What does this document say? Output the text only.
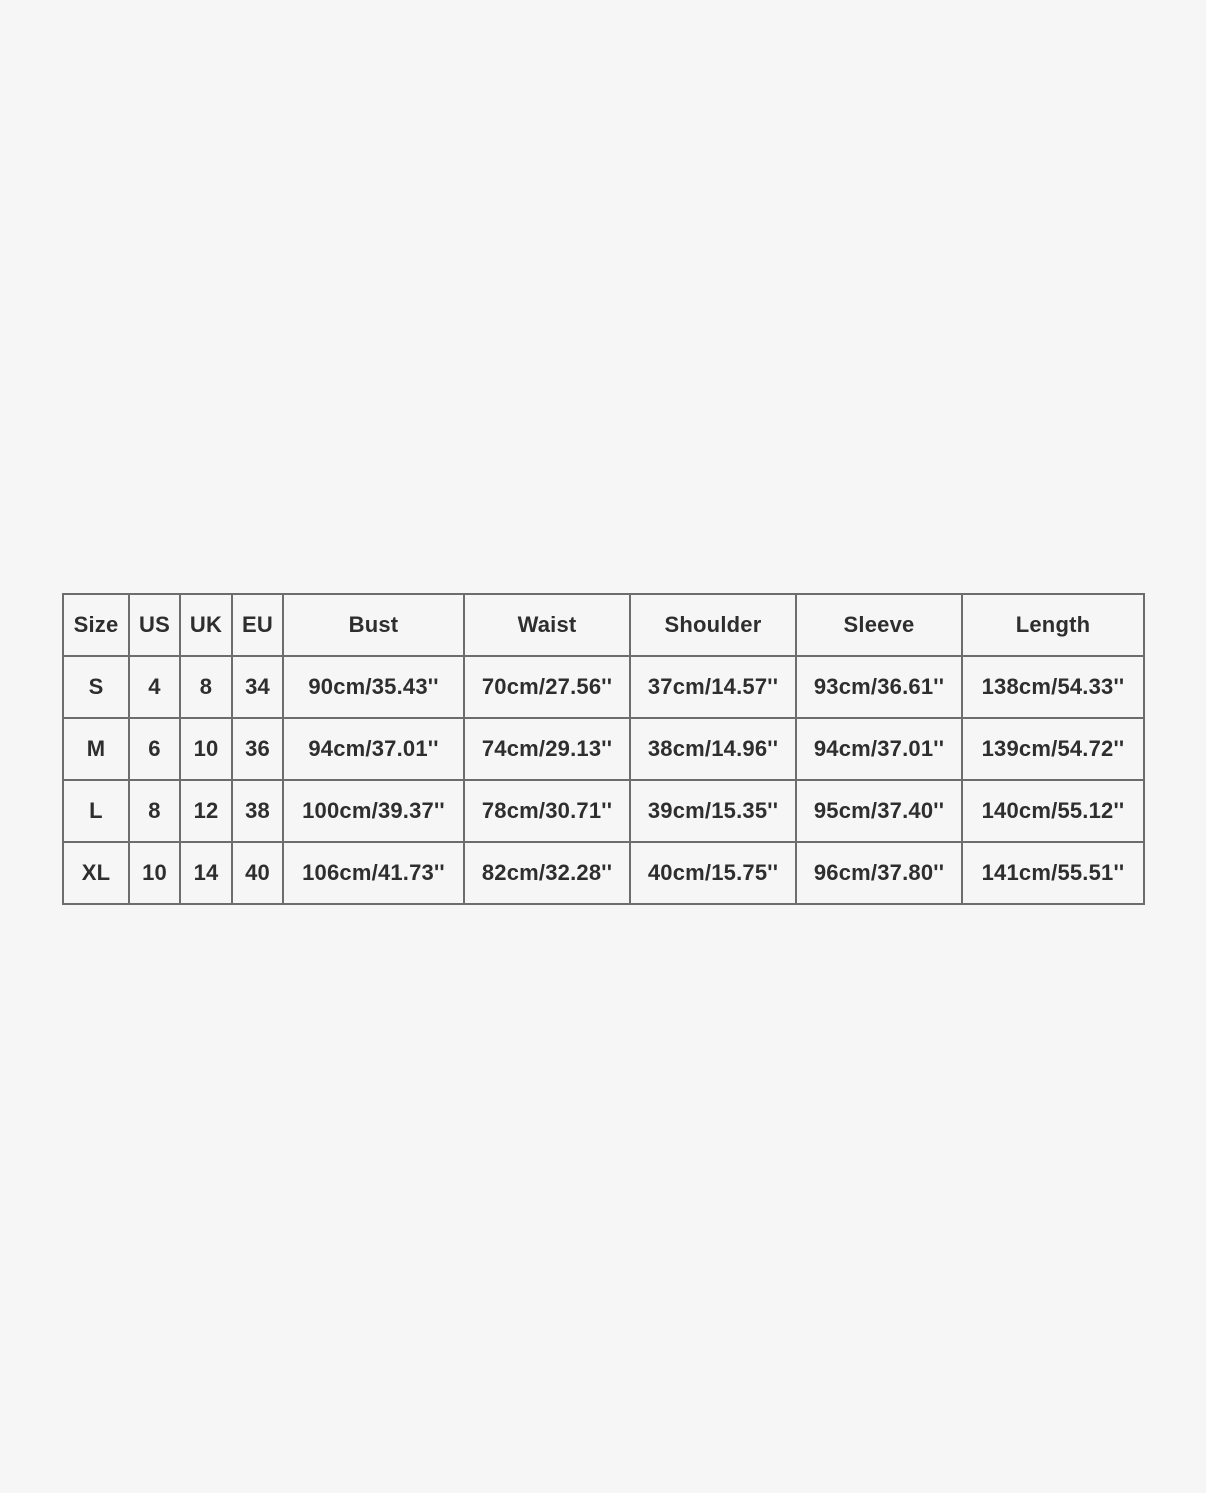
Size	US	UK	EU	Bust	Waist	Shoulder	Sleeve	Length
S	4	8	34	90cm/35.43''	70cm/27.56''	37cm/14.57''	93cm/36.61''	138cm/54.33''
M	6	10	36	94cm/37.01''	74cm/29.13''	38cm/14.96''	94cm/37.01''	139cm/54.72''
L	8	12	38	100cm/39.37''	78cm/30.71''	39cm/15.35''	95cm/37.40''	140cm/55.12''
XL	10	14	40	106cm/41.73''	82cm/32.28''	40cm/15.75''	96cm/37.80''	141cm/55.51''
